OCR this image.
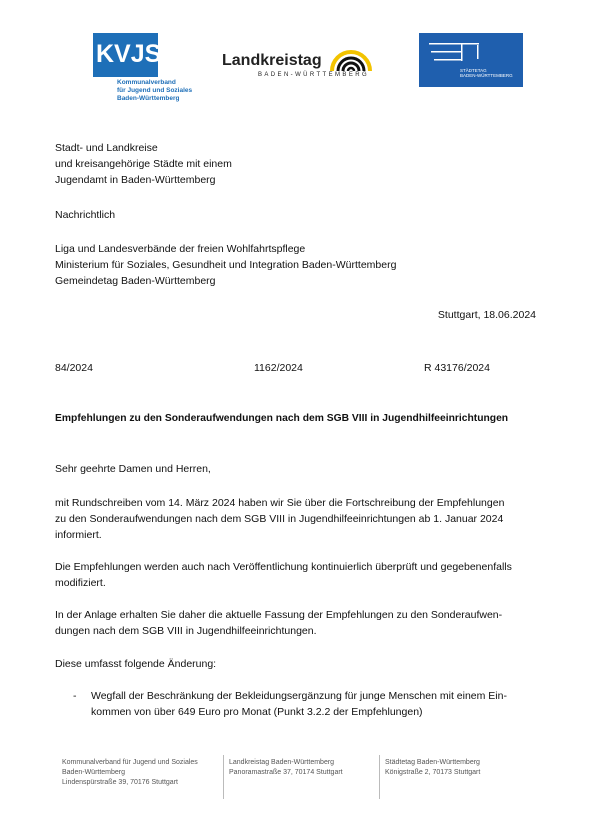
KVJS
Kommunalverband
für Jugend und Soziales
Baden-Württemberg
Landkreistag
BADEN-WÜRTTEMBERG
STÄDTETAG
BADEN-WÜRTTEMBERG
Stadt- und Landkreise
und kreisangehörige Städte mit einem
Jugendamt in Baden-Württemberg
Nachrichtlich
Liga und Landesverbände der freien Wohlfahrtspflege
Ministerium für Soziales, Gesundheit und Integration Baden-Württemberg
Gemeindetag Baden-Württemberg
Stuttgart, 18.06.2024
84/2024	1162/2024	R 43176/2024
Empfehlungen zu den Sonderaufwendungen nach dem SGB VIII in Jugendhilfeeinrichtungen
Sehr geehrte Damen und Herren,
mit Rundschreiben vom 14. März 2024 haben wir Sie über die Fortschreibung der Empfehlungen
zu den Sonderaufwendungen nach dem SGB VIII in Jugendhilfeeinrichtungen ab 1. Januar 2024
informiert.
Die Empfehlungen werden auch nach Veröffentlichung kontinuierlich überprüft und gegebenenfalls
modifiziert.
In der Anlage erhalten Sie daher die aktuelle Fassung der Empfehlungen zu den Sonderaufwen-
dungen nach dem SGB VIII in Jugendhilfeeinrichtungen.
Diese umfasst folgende Änderung:
- Wegfall der Beschränkung der Bekleidungsergänzung für junge Menschen mit einem Ein-
kommen von über 649 Euro pro Monat (Punkt 3.2.2 der Empfehlungen)
Kommunalverband für Jugend und Soziales
Baden-Württemberg
Lindenspürstraße 39, 70176 Stuttgart
Landkreistag Baden-Württemberg
Panoramastraße 37, 70174 Stuttgart
Städtetag Baden-Württemberg
Königstraße 2, 70173 Stuttgart
